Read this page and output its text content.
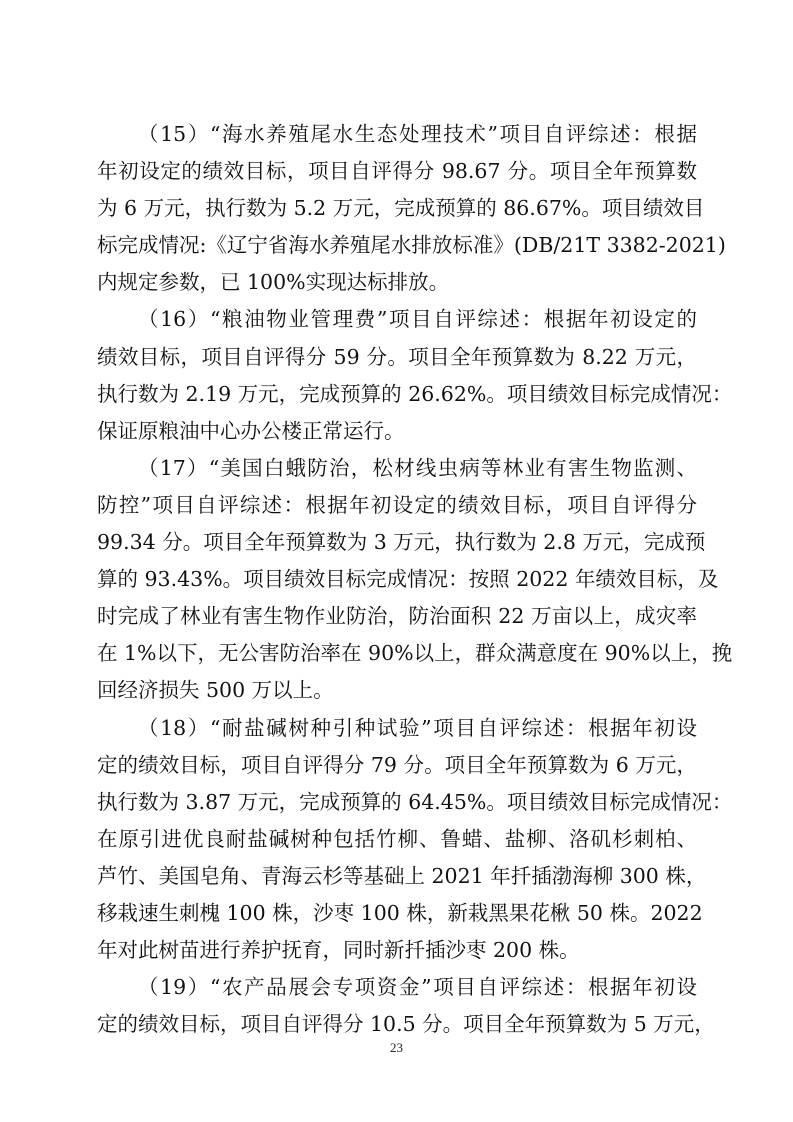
（15）“海水养殖尾水生态处理技术”项目自评综述：根据
年初设定的绩效目标，项目自评得分 98.67 分。项目全年预算数
为 6 万元，执行数为 5.2 万元，完成预算的 86.67%。项目绩效目
标完成情况:《辽宁省海水养殖尾水排放标准》(DB/21T 3382-2021)
内规定参数，已 100%实现达标排放。
（16）“粮油物业管理费”项目自评综述：根据年初设定的
绩效目标，项目自评得分 59 分。项目全年预算数为 8.22 万元，
执行数为 2.19 万元，完成预算的 26.62%。项目绩效目标完成情况：
保证原粮油中心办公楼正常运行。
（17）“美国白蛾防治，松材线虫病等林业有害生物监测、
防控”项目自评综述：根据年初设定的绩效目标，项目自评得分
99.34 分。项目全年预算数为 3 万元，执行数为 2.8 万元，完成预
算的 93.43%。项目绩效目标完成情况：按照 2022 年绩效目标，及
时完成了林业有害生物作业防治，防治面积 22 万亩以上，成灾率
在 1%以下，无公害防治率在 90%以上，群众满意度在 90%以上，挽
回经济损失 500 万以上。
（18）“耐盐碱树种引种试验”项目自评综述：根据年初设
定的绩效目标，项目自评得分 79 分。项目全年预算数为 6 万元，
执行数为 3.87 万元，完成预算的 64.45%。项目绩效目标完成情况：
在原引进优良耐盐碱树种包括竹柳、鲁蜡、盐柳、洛矶杉刺柏、
芦竹、美国皂角、青海云杉等基础上 2021 年扦插渤海柳 300 株，
移栽速生刺槐 100 株，沙枣 100 株，新栽黑果花楸 50 株。2022
年对此树苗进行养护抚育，同时新扦插沙枣 200 株。
（19）“农产品展会专项资金”项目自评综述：根据年初设
定的绩效目标，项目自评得分 10.5 分。项目全年预算数为 5 万元，
23
